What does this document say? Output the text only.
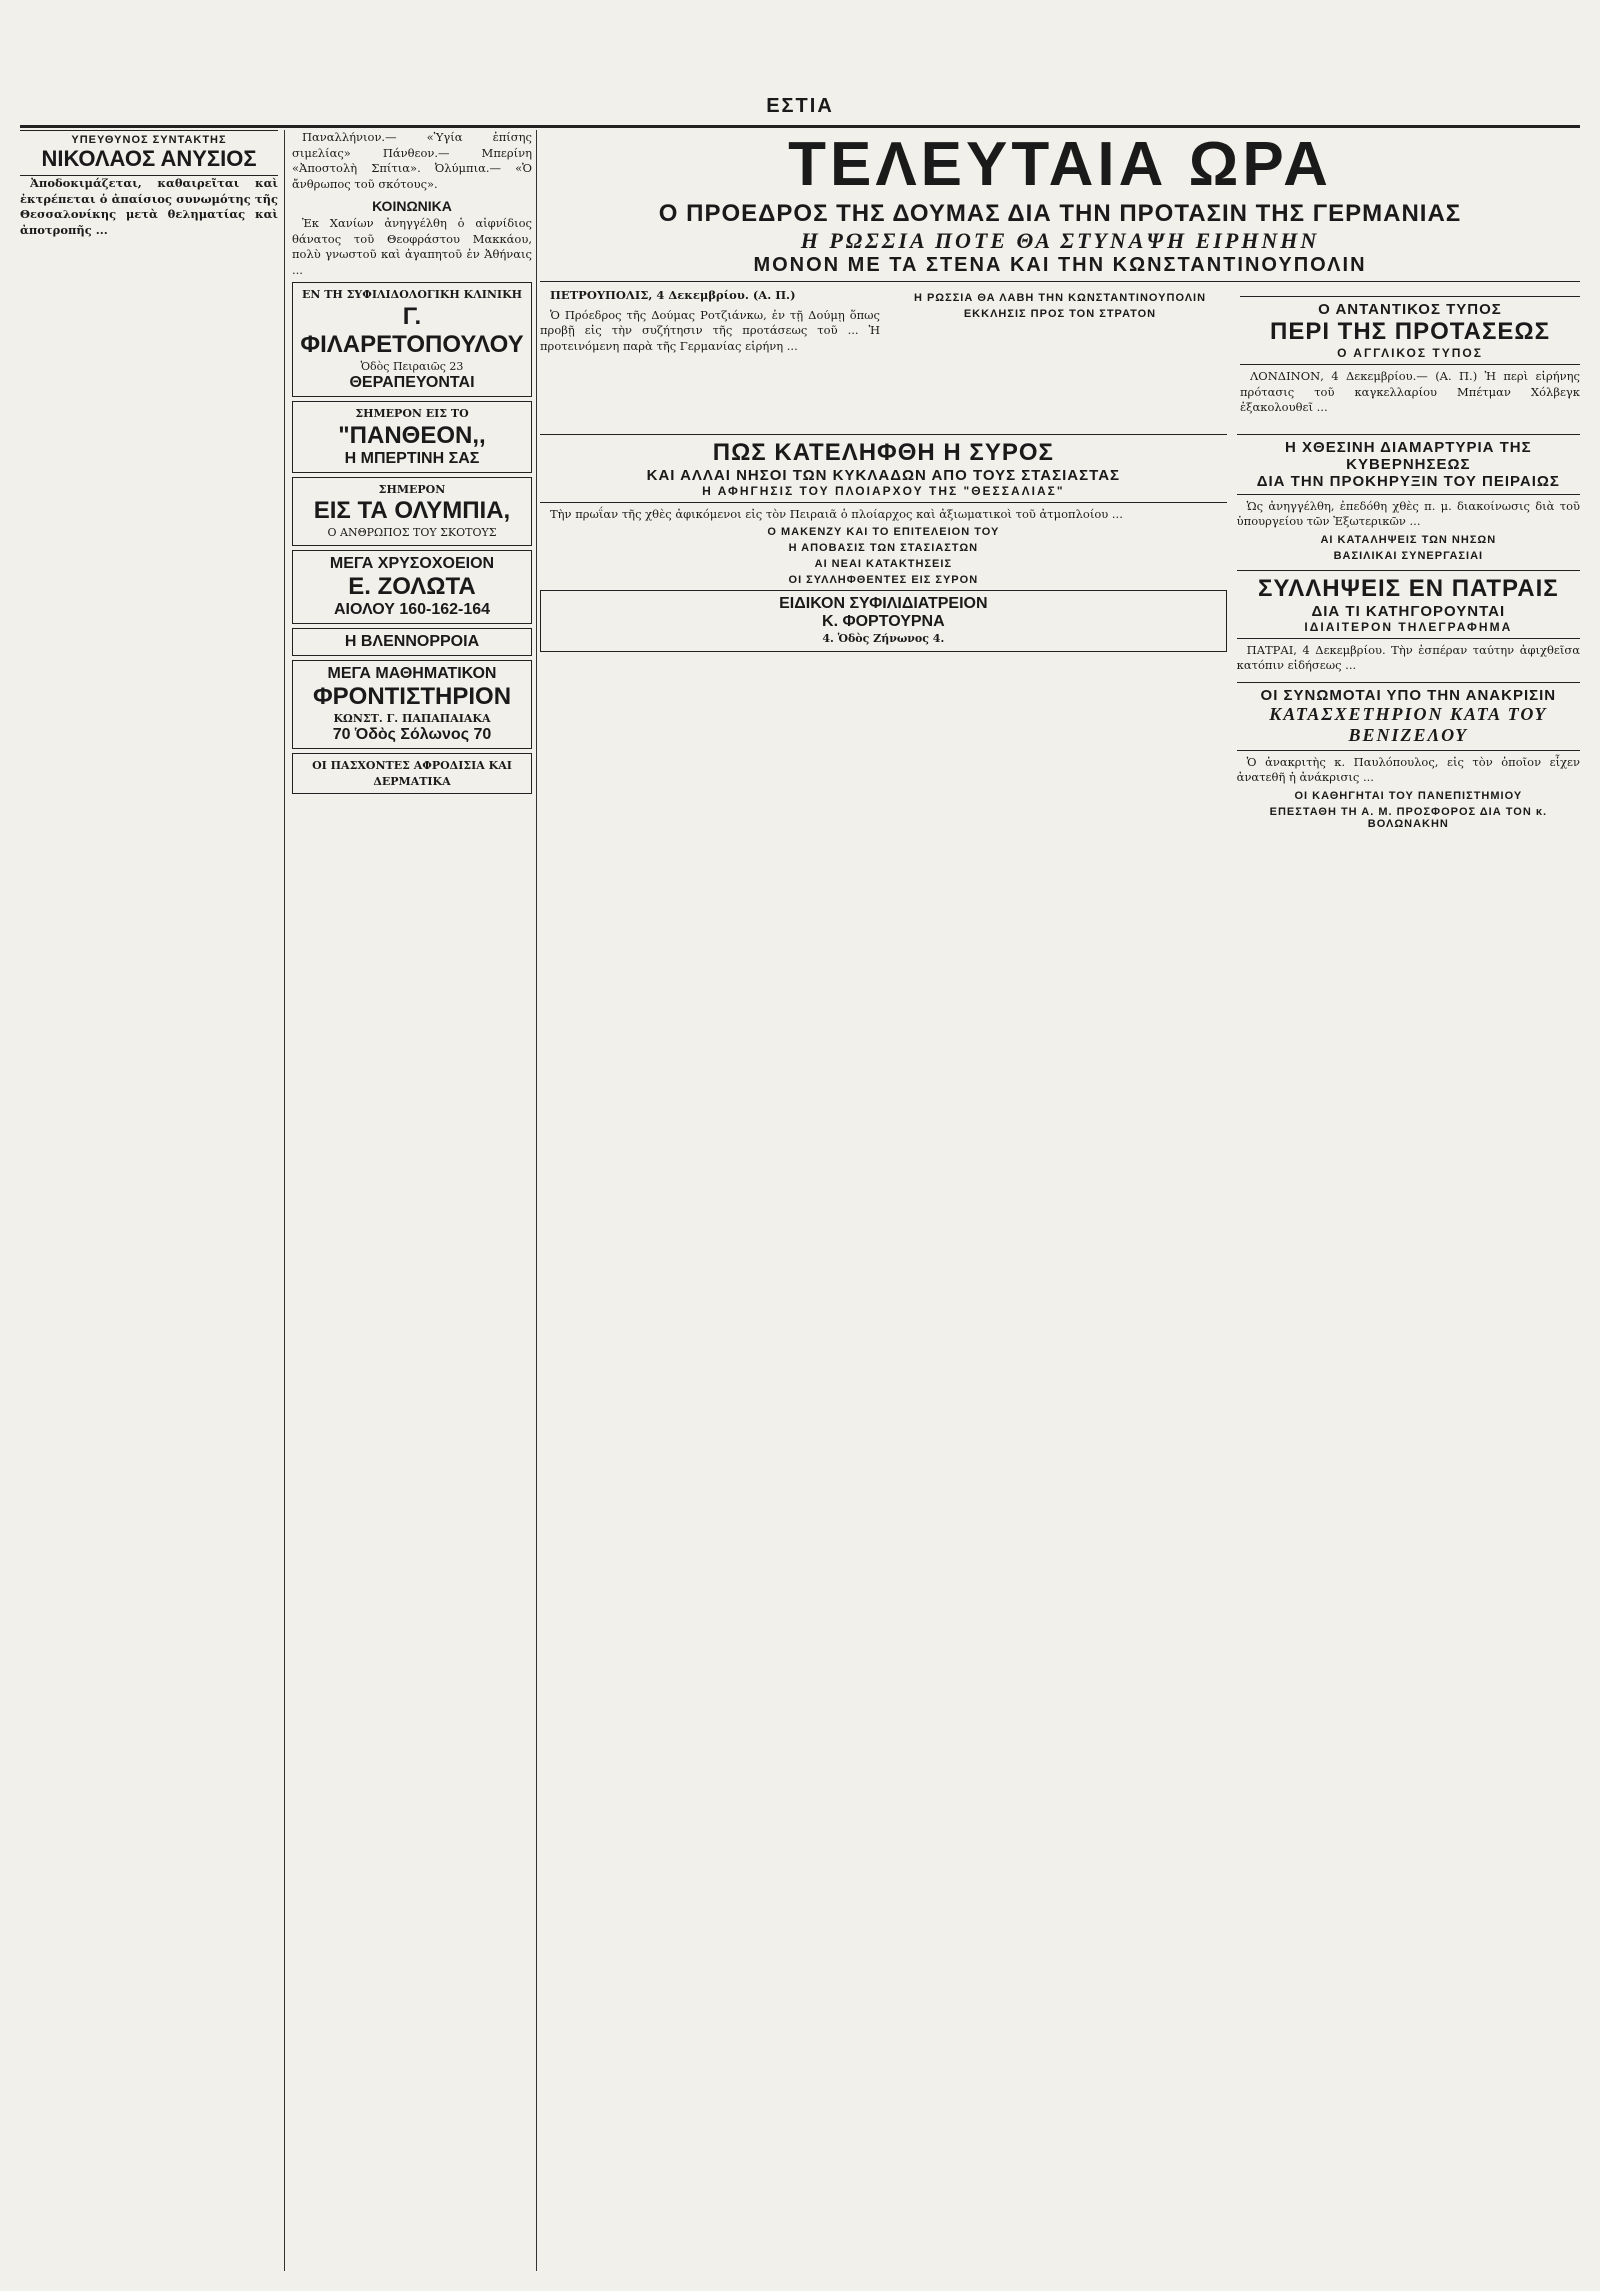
ΕΣΤΙΑ
ΥΠΕΥΘΥΝΟΣ ΣΥΝΤΑΚΤΗΣ
ΝΙΚΟΛΑΟΣ ΑΝΥΣΙΟΣ

Ἀποδοκιμάζεται, καθαιρεῖται καὶ ἐκτρέπεται ὁ ἀπαίσιος συνωμότης τῆς Θεσσαλονίκης μετὰ θεληματίας καὶ ἀποτροπῆς ...

Παναλλήνιον.— «Ὑγία ἐπίσης σιμελίας» Πάνθεον.— Μπερίνη «Ἀποστολὴ Σπίτια». Ὀλύμπια.— «Ὁ ἄνθρωπος τοῦ σκότους».

ΚΟΙΝΩΝΙΚΑ

Ἐκ Χανίων ἀνηγγέλθη ὁ αἰφνίδιος θάνατος τοῦ Θεοφράστου Μακκάου, πολὺ γνωστοῦ καὶ ἀγαπητοῦ ἐν Ἀθήναις ...

ΕΝ ΤΗ ΣΥΦΙΛΙΔΟΛΟΓΙΚΗ ΚΛΙΝΙΚΗ
Γ. ΦΙΛΑΡΕΤΟΠΟΥΛΟΥ
Ὁδὸς Πειραιῶς 23
ΘΕΡΑΠΕΥΟΝΤΑΙ
ΣΗΜΕΡΟΝ ΕΙΣ ΤΟ
"ΠΑΝΘΕΟΝ,,
Η ΜΠΕΡΤΙΝΗ ΣΑΣ
ΣΗΜΕΡΟΝ
ΕΙΣ ΤΑ ΟΛΥΜΠΙΑ,
Ο ΑΝΘΡΩΠΟΣ ΤΟΥ ΣΚΟΤΟΥΣ
ΜΕΓΑ ΧΡΥΣΟΧΟΕΙΟΝ
Ε. ΖΟΛΩΤΑ
ΑΙΟΛΟΥ 160-162-164
Η ΒΛΕΝΝΟΡΡΟΙΑ
ΜΕΓΑ ΜΑΘΗΜΑΤΙΚΟΝ
ΦΡΟΝΤΙΣΤΗΡΙΟΝ
ΚΩΝΣΤ. Γ. ΠΑΠΑΠΑΙΑΚΑ
70 Ὁδὸς Σόλωνος 70
ΟΙ ΠΑΣΧΟΝΤΕΣ ΑΦΡΟΔΙΣΙΑ ΚΑΙ ΔΕΡΜΑΤΙΚΑ
ΤΕΛΕΥΤΑΙΑ ΩΡΑ
Ο ΠΡΟΕΔΡΟΣ ΤΗΣ ΔΟΥΜΑΣ ΔΙΑ ΤΗΝ ΠΡΟΤΑΣΙΝ ΤΗΣ ΓΕΡΜΑΝΙΑΣ
Η ΡΩΣΣΙΑ ΠΟΤΕ ΘΑ ΣΤΥΝΑΨΗ ΕΙΡΗΝΗΝ
ΜΟΝΟΝ ΜΕ ΤΑ ΣΤΕΝΑ ΚΑΙ ΤΗΝ ΚΩΝΣΤΑΝΤΙΝΟΥΠΟΛΙΝ

ΠΕΤΡΟΥΠΟΛΙΣ, 4 Δεκεμβρίου. (Α. Π.)

Ὁ Πρόεδρος τῆς Δούμας Ροτζιάνκω, ἐν τῇ Δούμῃ ὅπως προβῇ εἰς τὴν συζήτησιν τῆς προτάσεως τοῦ ... Ἡ προτεινόμενη παρὰ τῆς Γερμανίας εἰρήνη ...

Η ΡΩΣΣΙΑ ΘΑ ΛΑΒΗ ΤΗΝ ΚΩΝΣΤΑΝΤΙΝΟΥΠΟΛΙΝ
ΕΚΚΛΗΣΙΣ ΠΡΟΣ ΤΟΝ ΣΤΡΑΤΟΝ	Ο ΑΝΤΑΝΤΙΚΟΣ ΤΥΠΟΣ
ΠΕΡΙ ΤΗΣ ΠΡΟΤΑΣΕΩΣ
Ο ΑΓΓΛΙΚΟΣ ΤΥΠΟΣ

ΛΟΝΔΙΝΟΝ, 4 Δεκεμβρίου.— (Α. Π.) Ἡ περὶ εἰρήνης πρότασις τοῦ καγκελλαρίου Μπέτμαν Χόλβεγκ ἐξακολουθεῖ ...

ΠΩΣ ΚΑΤΕΛΗΦΘΗ Η ΣΥΡΟΣ
ΚΑΙ ΑΛΛΑΙ ΝΗΣΟΙ ΤΩΝ ΚΥΚΛΑΔΩΝ ΑΠΟ ΤΟΥΣ ΣΤΑΣΙΑΣΤΑΣ
Η ΑΦΗΓΗΣΙΣ ΤΟΥ ΠΛΟΙΑΡΧΟΥ ΤΗΣ "ΘΕΣΣΑΛΙΑΣ"

Τὴν πρωΐαν τῆς χθὲς ἀφικόμενοι εἰς τὸν Πειραιᾶ ὁ πλοίαρχος καὶ ἀξιωματικοὶ τοῦ ἀτμοπλοίου ...

Ο ΜΑΚΕΝΖΥ ΚΑΙ ΤΟ ΕΠΙΤΕΛΕΙΟΝ ΤΟΥ
Η ΑΠΟΒΑΣΙΣ ΤΩΝ ΣΤΑΣΙΑΣΤΩΝ
ΑΙ ΝΕΑΙ ΚΑΤΑΚΤΗΣΕΙΣ
ΟΙ ΣΥΛΛΗΦΘΕΝΤΕΣ ΕΙΣ ΣΥΡΟΝ
ΕΙΔΙΚΟΝ ΣΥΦΙΛΙΔΙΑΤΡΕΙΟΝ
Κ. ΦΟΡΤΟΥΡΝΑ
4. Ὁδὸς Ζήνωνος 4.
Η ΧΘΕΣΙΝΗ ΔΙΑΜΑΡΤΥΡΙΑ ΤΗΣ ΚΥΒΕΡΝΗΣΕΩΣ
ΔΙΑ ΤΗΝ ΠΡΟΚΗΡΥΞΙΝ ΤΟΥ ΠΕΙΡΑΙΩΣ

Ὡς ἀνηγγέλθη, ἐπεδόθη χθὲς π. μ. διακοίνωσις διὰ τοῦ ὑπουργείου τῶν Ἐξωτερικῶν ...

ΑΙ ΚΑΤΑΛΗΨΕΙΣ ΤΩΝ ΝΗΣΩΝ
ΒΑΣΙΛΙΚΑΙ ΣΥΝΕΡΓΑΣΙΑΙ
ΣΥΛΛΗΨΕΙΣ ΕΝ ΠΑΤΡΑΙΣ
ΔΙΑ ΤΙ ΚΑΤΗΓΟΡΟΥΝΤΑΙ
ΙΔΙΑΙΤΕΡΟΝ ΤΗΛΕΓΡΑΦΗΜΑ

ΠΑΤΡΑΙ, 4 Δεκεμβρίου. Τὴν ἑσπέραν ταύτην ἀφιχθεῖσα κατόπιν εἰδήσεως ...

ΟΙ ΣΥΝΩΜΟΤΑΙ ΥΠΟ ΤΗΝ ΑΝΑΚΡΙΣΙΝ
ΚΑΤΑΣΧΕΤΗΡΙΟΝ ΚΑΤΑ ΤΟΥ ΒΕΝΙΖΕΛΟΥ

Ὁ ἀνακριτὴς κ. Παυλόπουλος, εἰς τὸν ὁποῖον εἶχεν ἀνατεθῆ ἡ ἀνάκρισις ...

ΟΙ ΚΑΘΗΓΗΤΑΙ ΤΟΥ ΠΑΝΕΠΙΣΤΗΜΙΟΥ
ΕΠΕΣΤΑΘΗ ΤΗ Α. Μ. ΠΡΟΣΦΟΡΟΣ ΔΙΑ ΤΟΝ κ. ΒΟΛΩΝΑΚΗΝ
